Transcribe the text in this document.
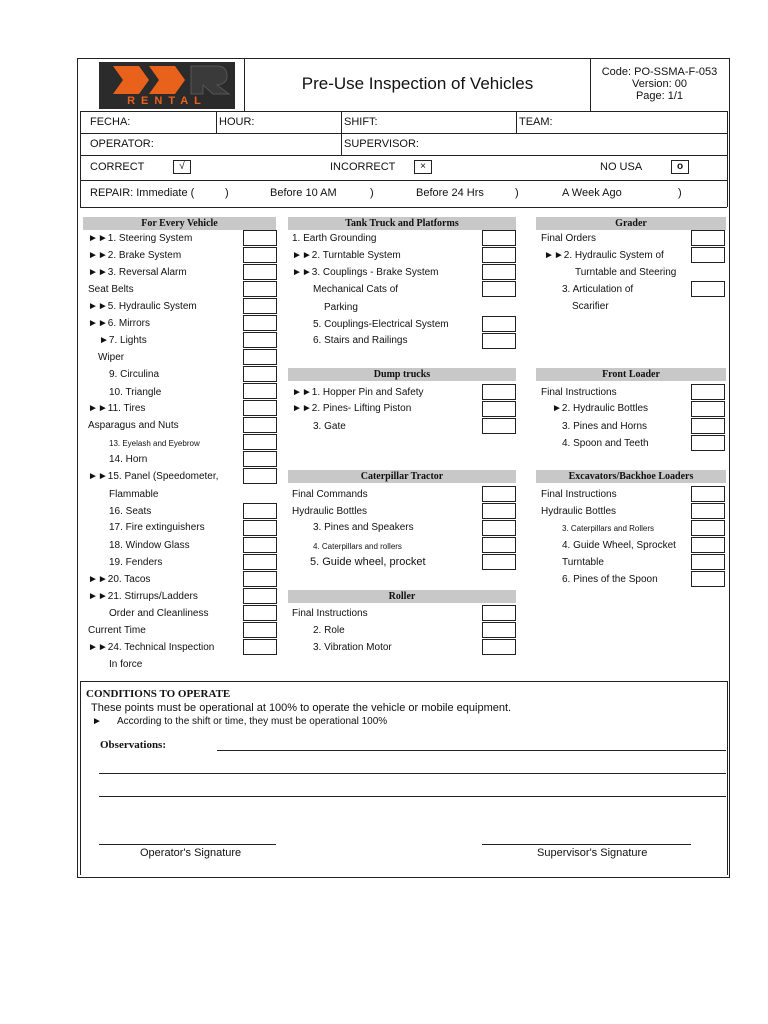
RENTAL
Pre-Use Inspection of Vehicles
Code: PO-SSMA-F-053
Version: 00
Page: 1/1
FECHA:	HOUR:	SHIFT:	TEAM:
OPERATOR:	SUPERVISOR:
CORRECT	√	INCORRECT	×	NO USA	o
REPAIR: Immediate (	)	Before 10 AM	)	Before 24 Hrs	)	A Week Ago	)
For Every Vehicle	Tank Truck and Platforms	Grader
Dump trucks	Front Loader
Caterpillar Tractor	Excavators/Backhoe Loaders
Roller
►►1. Steering System
►►2. Brake System
►►3. Reversal Alarm
Seat Belts
►►5. Hydraulic System
►►6. Mirrors
►7. Lights
Wiper
9. Circulina
10. Triangle
►►11. Tires
Asparagus and Nuts
13. Eyelash and Eyebrow
14. Horn
►►15. Panel (Speedometer,
Flammable
16. Seats
17. Fire extinguishers
18. Window Glass
19. Fenders
►►20. Tacos
►►21. Stirrups/Ladders
Order and Cleanliness
Current Time
►►24. Technical Inspection
In force
1. Earth Grounding
►►2. Turntable System
►►3. Couplings - Brake System
Mechanical Cats of
Parking
5. Couplings-Electrical System
6. Stairs and Railings
►►1. Hopper Pin and Safety
►►2. Pines- Lifting Piston
3. Gate
Final Commands
Hydraulic Bottles
3. Pines and Speakers
4. Caterpillars and rollers
5. Guide wheel, procket
Final Instructions
2. Role
3. Vibration Motor
Final Orders
►►2. Hydraulic System of
Turntable and Steering
3. Articulation of
Scarifier
Final Instructions
►2. Hydraulic Bottles
3. Pines and Horns
4. Spoon and Teeth
Final Instructions
Hydraulic Bottles
3. Caterpillars and Rollers
4. Guide Wheel, Sprocket
Turntable
6. Pines of the Spoon
CONDITIONS TO OPERATE
These points must be operational at 100% to operate the vehicle or mobile equipment.
► According to the shift or time, they must be operational 100%
Observations:
Operator's Signature	Supervisor's Signature
